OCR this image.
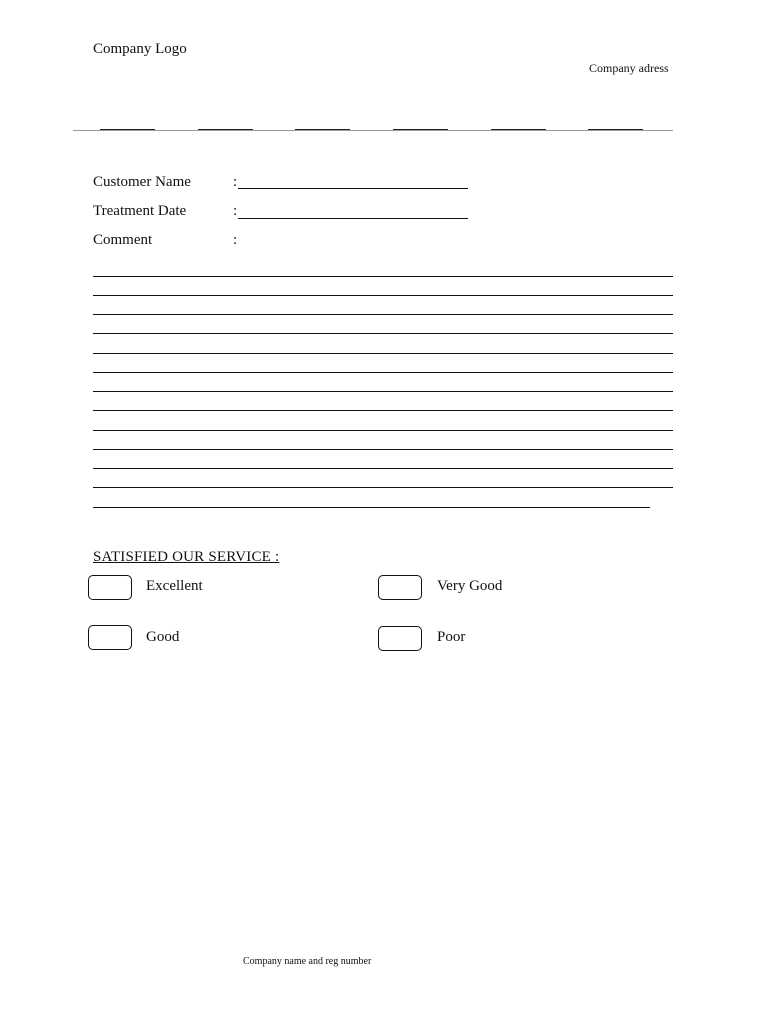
Company Logo
Company adress
Customer Name	:
Treatment Date	:
Comment	:
SATISFIED OUR SERVICE :
Excellent	Very Good
Good	Poor
Company name and reg number
